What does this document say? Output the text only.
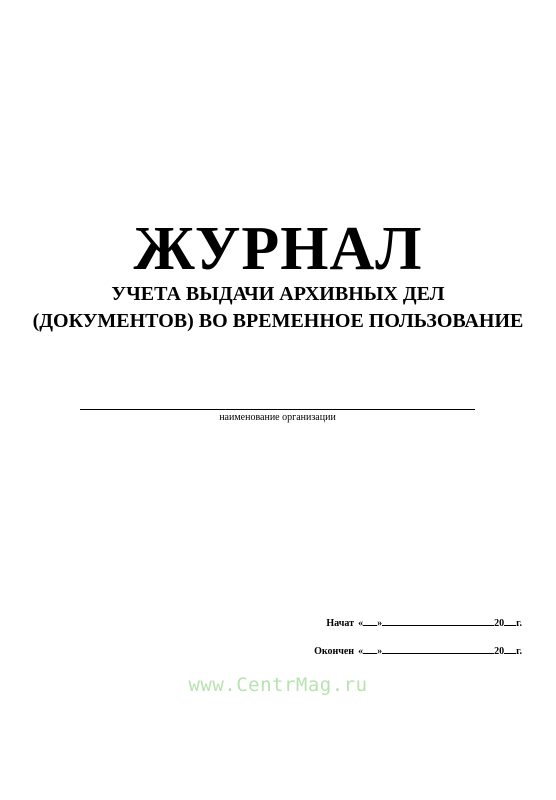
ЖУРНАЛ
УЧЕТА ВЫДАЧИ АРХИВНЫХ ДЕЛ
(ДОКУМЕНТОВ) ВО ВРЕМЕННОЕ ПОЛЬЗОВАНИЕ
наименование организации
Начат « »	20 г.
Окончен « »	20 г.
www.CentrMag.ru
